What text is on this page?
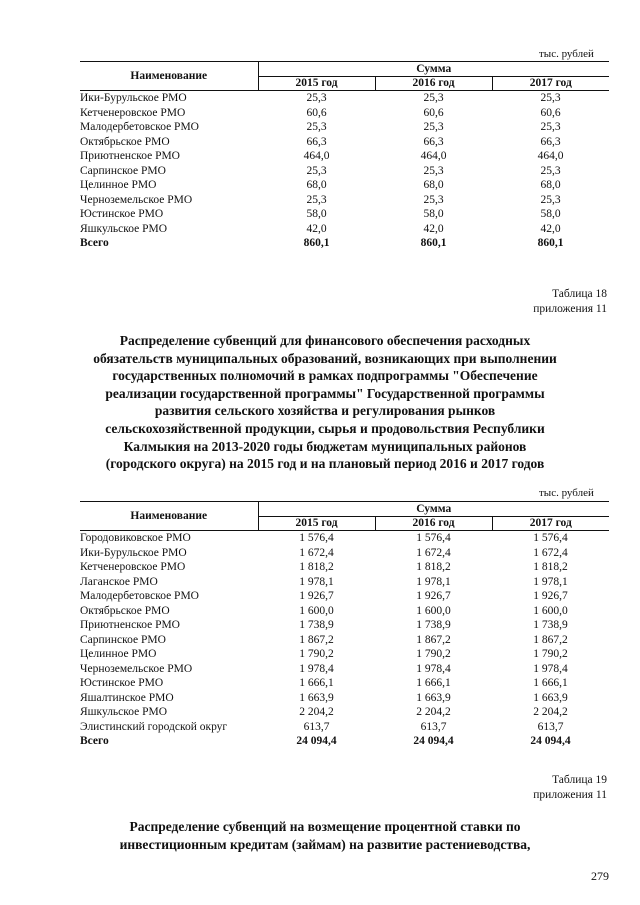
тыс. рублей
Наименование	Сумма		
	2015 год	2016 год	2017 год
Ики-Бурульское РМО	25,3	25,3	25,3
Кетченеровское РМО	60,6	60,6	60,6
Малодербетовское РМО	25,3	25,3	25,3
Октябрьское РМО	66,3	66,3	66,3
Приютненское РМО	464,0	464,0	464,0
Сарпинское РМО	25,3	25,3	25,3
Целинное РМО	68,0	68,0	68,0
Черноземельское РМО	25,3	25,3	25,3
Юстинское РМО	58,0	58,0	58,0
Яшкульское РМО	42,0	42,0	42,0
Всего	860,1	860,1	860,1
Таблица 18
приложения 11
Распределение субвенций для финансового обеспечения расходных
обязательств муниципальных образований, возникающих при выполнении
государственных полномочий в рамках подпрограммы "Обеспечение
реализации государственной программы" Государственной программы
развития сельского хозяйства и регулирования рынков
сельскохозяйственной продукции, сырья и продовольствия Республики
Калмыкия на 2013-2020 годы бюджетам муниципальных районов
(городского округа) на 2015 год и на плановый период 2016 и 2017 годов
тыс. рублей
Наименование	Сумма		
	2015 год	2016 год	2017 год
Городовиковское РМО	1 576,4	1 576,4	1 576,4
Ики-Бурульское РМО	1 672,4	1 672,4	1 672,4
Кетченеровское РМО	1 818,2	1 818,2	1 818,2
Лаганское РМО	1 978,1	1 978,1	1 978,1
Малодербетовское РМО	1 926,7	1 926,7	1 926,7
Октябрьское РМО	1 600,0	1 600,0	1 600,0
Приютненское РМО	1 738,9	1 738,9	1 738,9
Сарпинское РМО	1 867,2	1 867,2	1 867,2
Целинное РМО	1 790,2	1 790,2	1 790,2
Черноземельское РМО	1 978,4	1 978,4	1 978,4
Юстинское РМО	1 666,1	1 666,1	1 666,1
Яшалтинское РМО	1 663,9	1 663,9	1 663,9
Яшкульское РМО	2 204,2	2 204,2	2 204,2
Элистинский городской округ	613,7	613,7	613,7
Всего	24 094,4	24 094,4	24 094,4
Таблица 19
приложения 11
Распределение субвенций на возмещение процентной ставки по
инвестиционным кредитам (займам) на развитие растениеводства,
279
